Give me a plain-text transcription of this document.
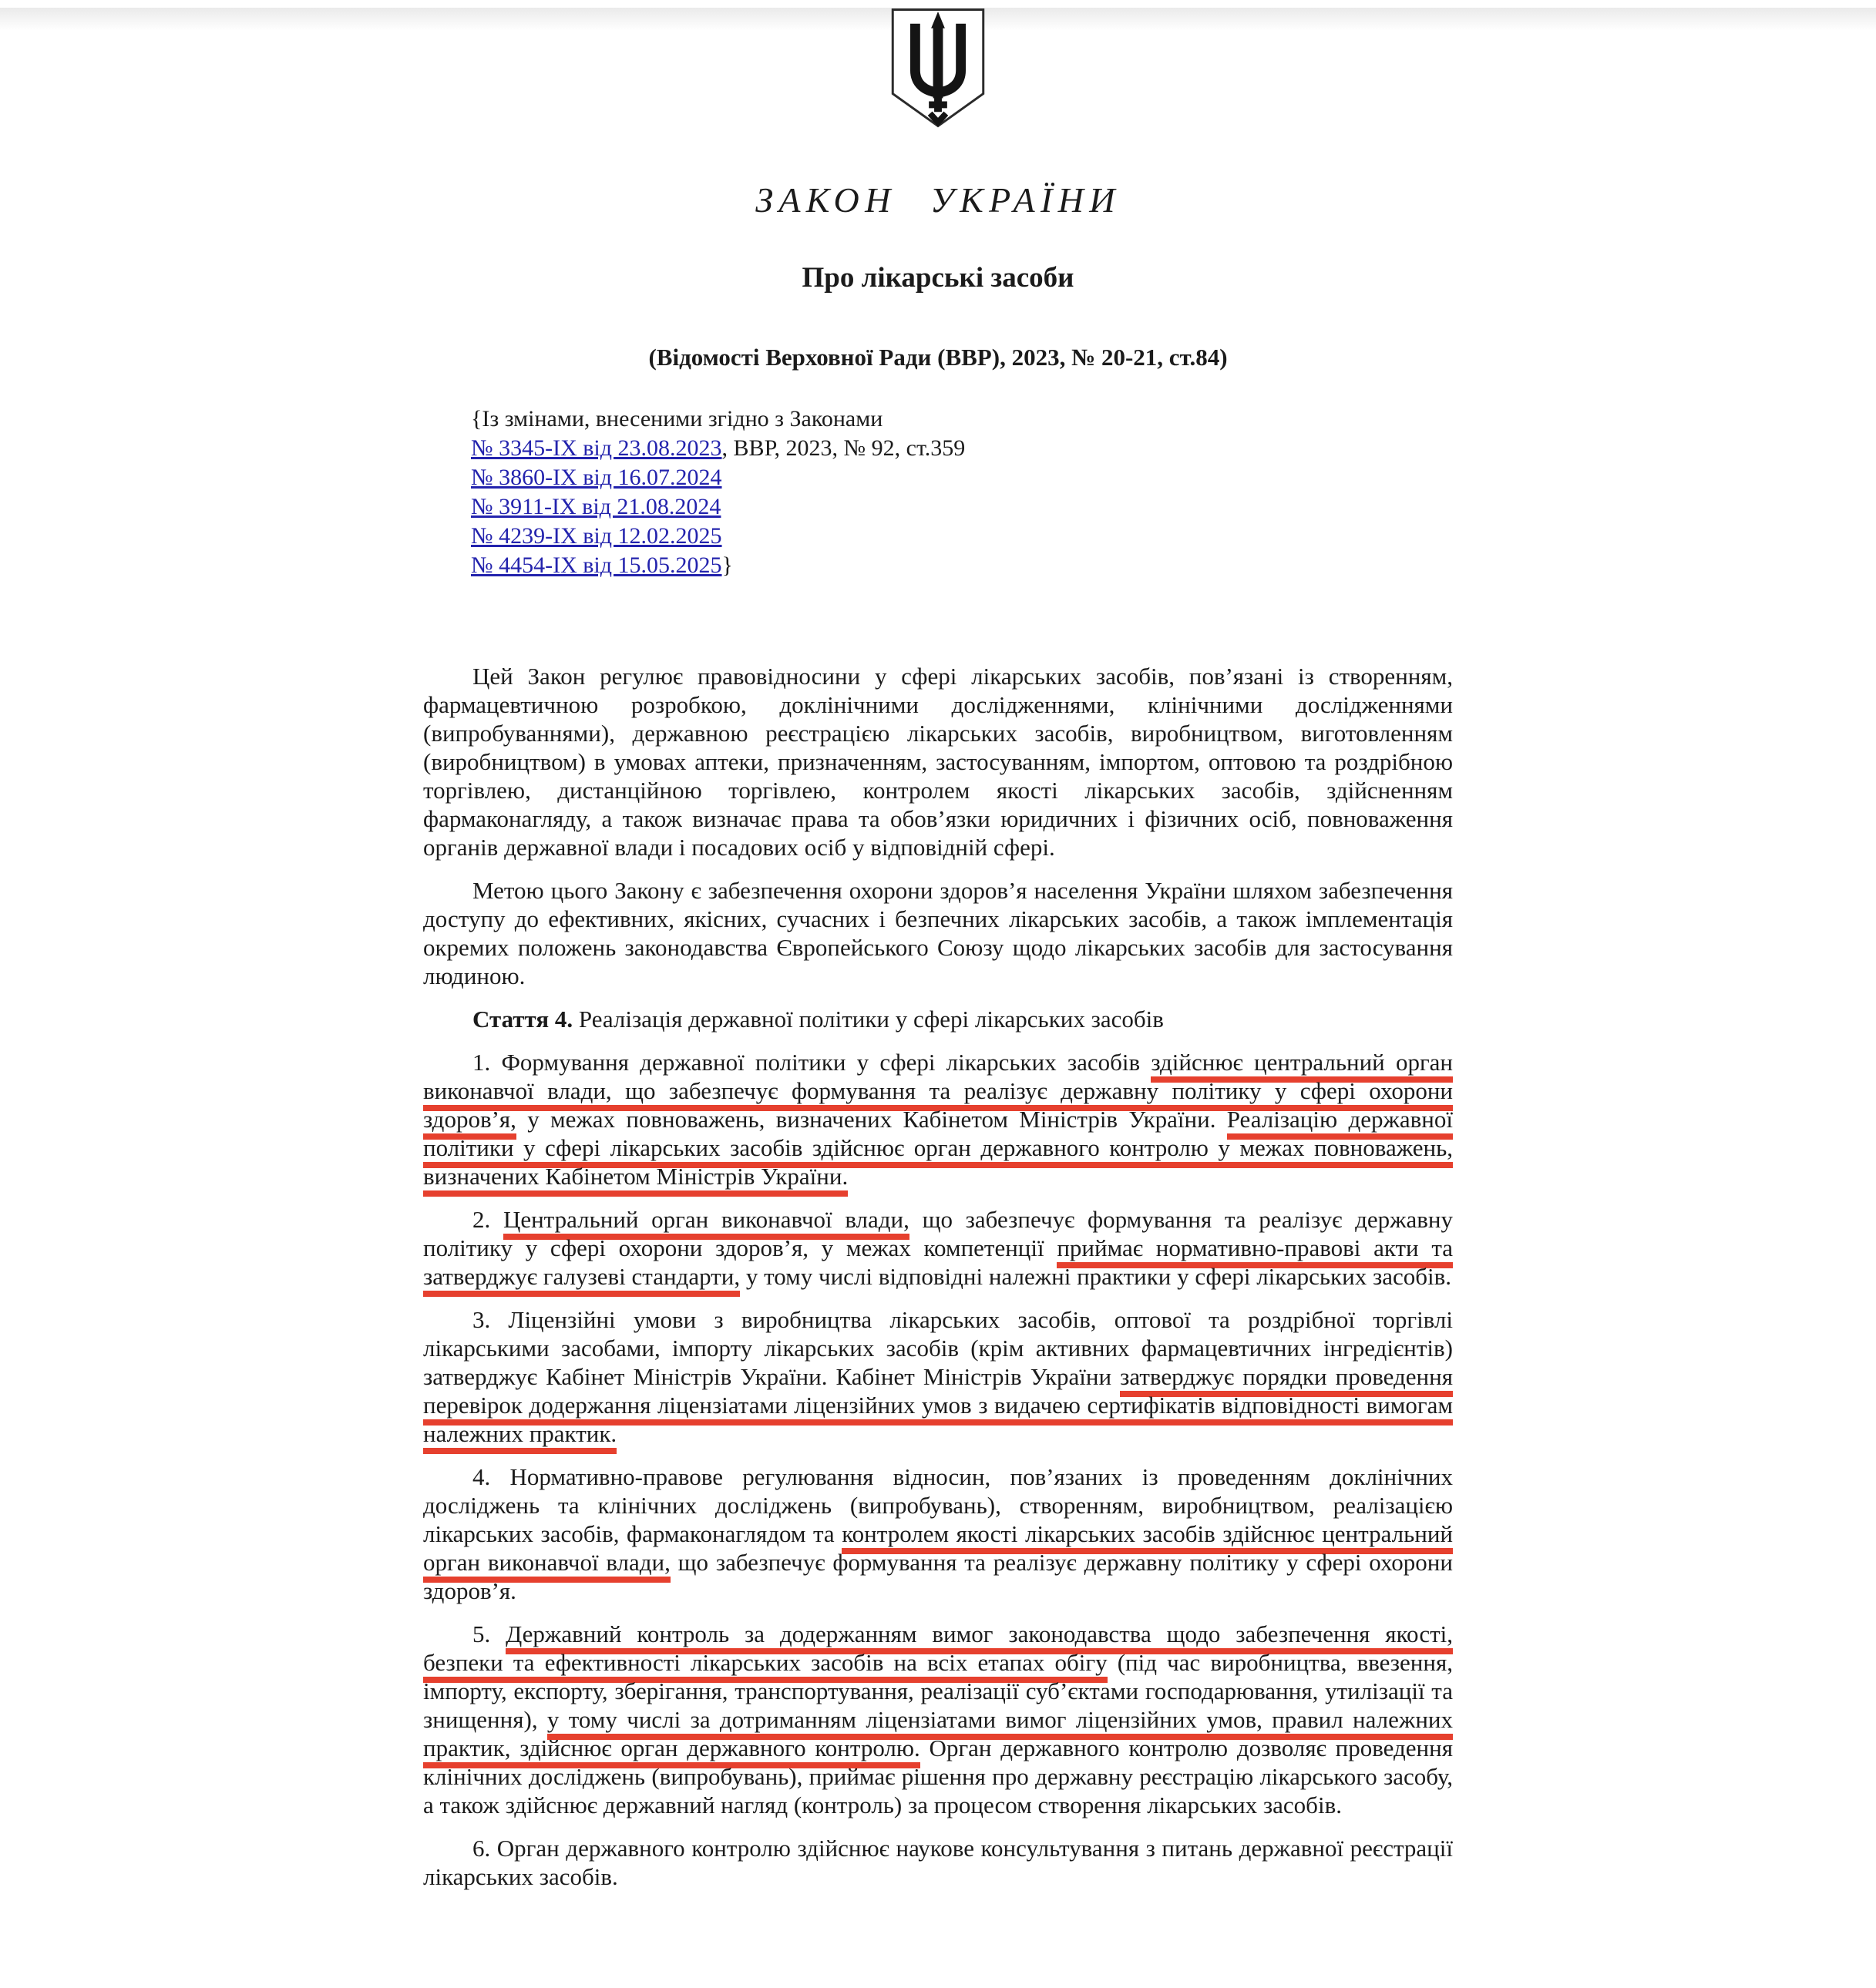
ЗАКОН УКРАЇНИ
Про лікарські засоби

(Відомості Верховної Ради (ВВР), 2023, № 20-21, ст.84)

{Із змінами, внесеними згідно з Законами

№ 3345-IX від 23.08.2023, ВВР, 2023, № 92, ст.359

№ 3860-IX від 16.07.2024

№ 3911-IX від 21.08.2024

№ 4239-IX від 12.02.2025

№ 4454-IX від 15.05.2025}

Цей Закон регулює правовідносини у сфері лікарських засобів, пов’язані із створенням, фармацевтичною розробкою, доклінічними дослідженнями, клінічними дослідженнями (випробуваннями), державною реєстрацією лікарських засобів, виробництвом, виготовленням (виробництвом) в умовах аптеки, призначенням, застосуванням, імпортом, оптовою та роздрібною торгівлею, дистанційною торгівлею, контролем якості лікарських засобів, здійсненням фармаконагляду, а також визначає права та обов’язки юридичних і фізичних осіб, повноваження органів державної влади і посадових осіб у відповідній сфері.

Метою цього Закону є забезпечення охорони здоров’я населення України шляхом забезпечення доступу до ефективних, якісних, сучасних і безпечних лікарських засобів, а також імплементація окремих положень законодавства Європейського Союзу щодо лікарських засобів для застосування людиною.

Стаття 4. Реалізація державної політики у сфері лікарських засобів

1. Формування державної політики у сфері лікарських засобів здійснює центральний орган виконавчої влади, що забезпечує формування та реалізує державну політику у сфері охорони здоров’я, у межах повноважень, визначених Кабінетом Міністрів України. Реалізацію державної політики у сфері лікарських засобів здійснює орган державного контролю у межах повноважень, визначених Кабінетом Міністрів України.

2. Центральний орган виконавчої влади, що забезпечує формування та реалізує державну політику у сфері охорони здоров’я, у межах компетенції приймає нормативно-правові акти та затверджує галузеві стандарти, у тому числі відповідні належні практики у сфері лікарських засобів.

3. Ліцензійні умови з виробництва лікарських засобів, оптової та роздрібної торгівлі лікарськими засобами, імпорту лікарських засобів (крім активних фармацевтичних інгредієнтів) затверджує Кабінет Міністрів України. Кабінет Міністрів України затверджує порядки проведення перевірок додержання ліцензіатами ліцензійних умов з видачею сертифікатів відповідності вимогам належних практик.

4. Нормативно-правове регулювання відносин, пов’язаних із проведенням доклінічних досліджень та клінічних досліджень (випробувань), створенням, виробництвом, реалізацією лікарських засобів, фармаконаглядом та контролем якості лікарських засобів здійснює центральний орган виконавчої влади, що забезпечує формування та реалізує державну політику у сфері охорони здоров’я.

5. Державний контроль за додержанням вимог законодавства щодо забезпечення якості, безпеки та ефективності лікарських засобів на всіх етапах обігу (під час виробництва, ввезення, імпорту, експорту, зберігання, транспортування, реалізації суб’єктами господарювання, утилізації та знищення), у тому числі за дотриманням ліцензіатами вимог ліцензійних умов, правил належних практик, здійснює орган державного контролю. Орган державного контролю дозволяє проведення клінічних досліджень (випробувань), приймає рішення про державну реєстрацію лікарського засобу, а також здійснює державний нагляд (контроль) за процесом створення лікарських засобів.

6. Орган державного контролю здійснює наукове консультування з питань державної реєстрації лікарських засобів.
